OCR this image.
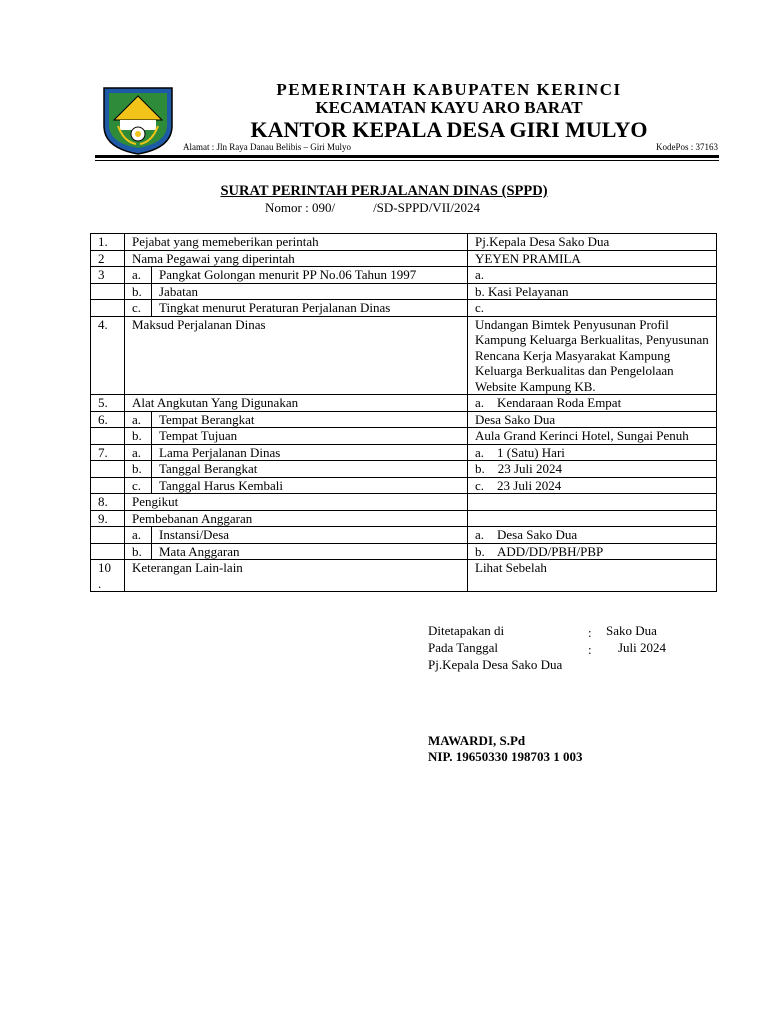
PEMERINTAH KABUPATEN KERINCI
KECAMATAN KAYU ARO BARAT
KANTOR KEPALA DESA GIRI MULYO
Alamat : Jln Raya Danau Belibis – Giri Mulyo	KodePos : 37163
SURAT PERINTAH PERJALANAN DINAS (SPPD)
Nomor : 090/	/SD-SPPD/VII/2024
1.	Pejabat yang memeberikan perintah		Pj.Kepala Desa Sako Dua
2	Nama Pegawai yang diperintah		YEYEN PRAMILA
3	a.	Pangkat Golongan menurit PP No.06 Tahun 1997	a.
	b.	Jabatan	b. Kasi Pelayanan
	c.	Tingkat menurut Peraturan Perjalanan Dinas	c.
4.	Maksud Perjalanan Dinas		Undangan Bimtek Penyusunan Profil Kampung Keluarga Berkualitas, Penyusunan Rencana Kerja Masyarakat Kampung Keluarga Berkualitas dan Pengelolaan Website Kampung KB.
5.	Alat Angkutan Yang Digunakan		a.    Kendaraan Roda Empat
6.	a.	Tempat Berangkat	Desa Sako Dua
	b.	Tempat Tujuan	Aula Grand Kerinci Hotel, Sungai Penuh
7.	a.	Lama Perjalanan Dinas	a.    1 (Satu) Hari
	b.	Tanggal Berangkat	b.    23 Juli 2024
	c.	Tanggal Harus Kembali	c.    23 Juli 2024
8.	Pengikut		
9.	Pembebanan Anggaran		
	a.	Instansi/Desa	a.    Desa Sako Dua
	b.	Mata Anggaran	b.    ADD/DD/PBH/PBP
10
.	Keterangan Lain-lain		Lihat Sebelah
Ditetapakan di	: Sako Dua
Pada Tanggal	: Juli 2024
Pj.Kepala Desa Sako Dua
MAWARDI, S.Pd
NIP. 19650330 198703 1 003
